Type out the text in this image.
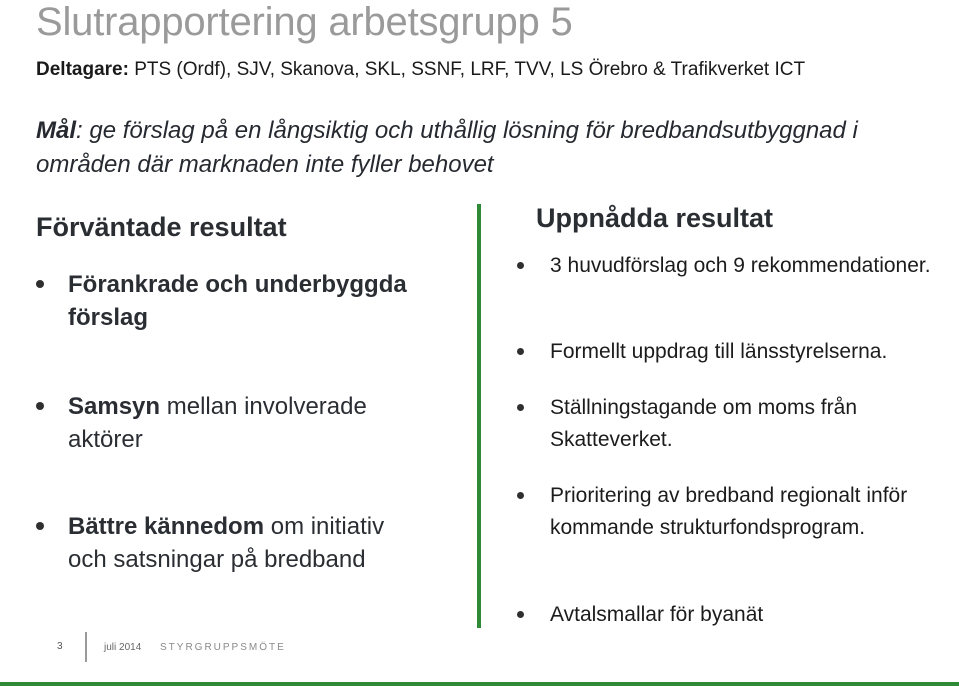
Slutrapportering arbetsgrupp 5
Deltagare: PTS (Ordf), SJV, Skanova, SKL, SSNF, LRF, TVV, LS Örebro & Trafikverket ICT
Mål: ge förslag på en långsiktig och uthållig lösning för bredbandsutbyggnad i områden där marknaden inte fyller behovet
Förväntade resultat
Förankrade och underbyggda förslag
Samsyn mellan involverade aktörer
Bättre kännedom om initiativ och satsningar på bredband
Uppnådda resultat
3 huvudförslag och 9 rekommendationer.
Formellt uppdrag till länsstyrelserna.
Ställningstagande om moms från Skatteverket.
Prioritering av bredband regionalt inför kommande strukturfondsprogram.
Avtalsmallar för byanät
3	juli 2014 STYRGRUPPSMÖTE
